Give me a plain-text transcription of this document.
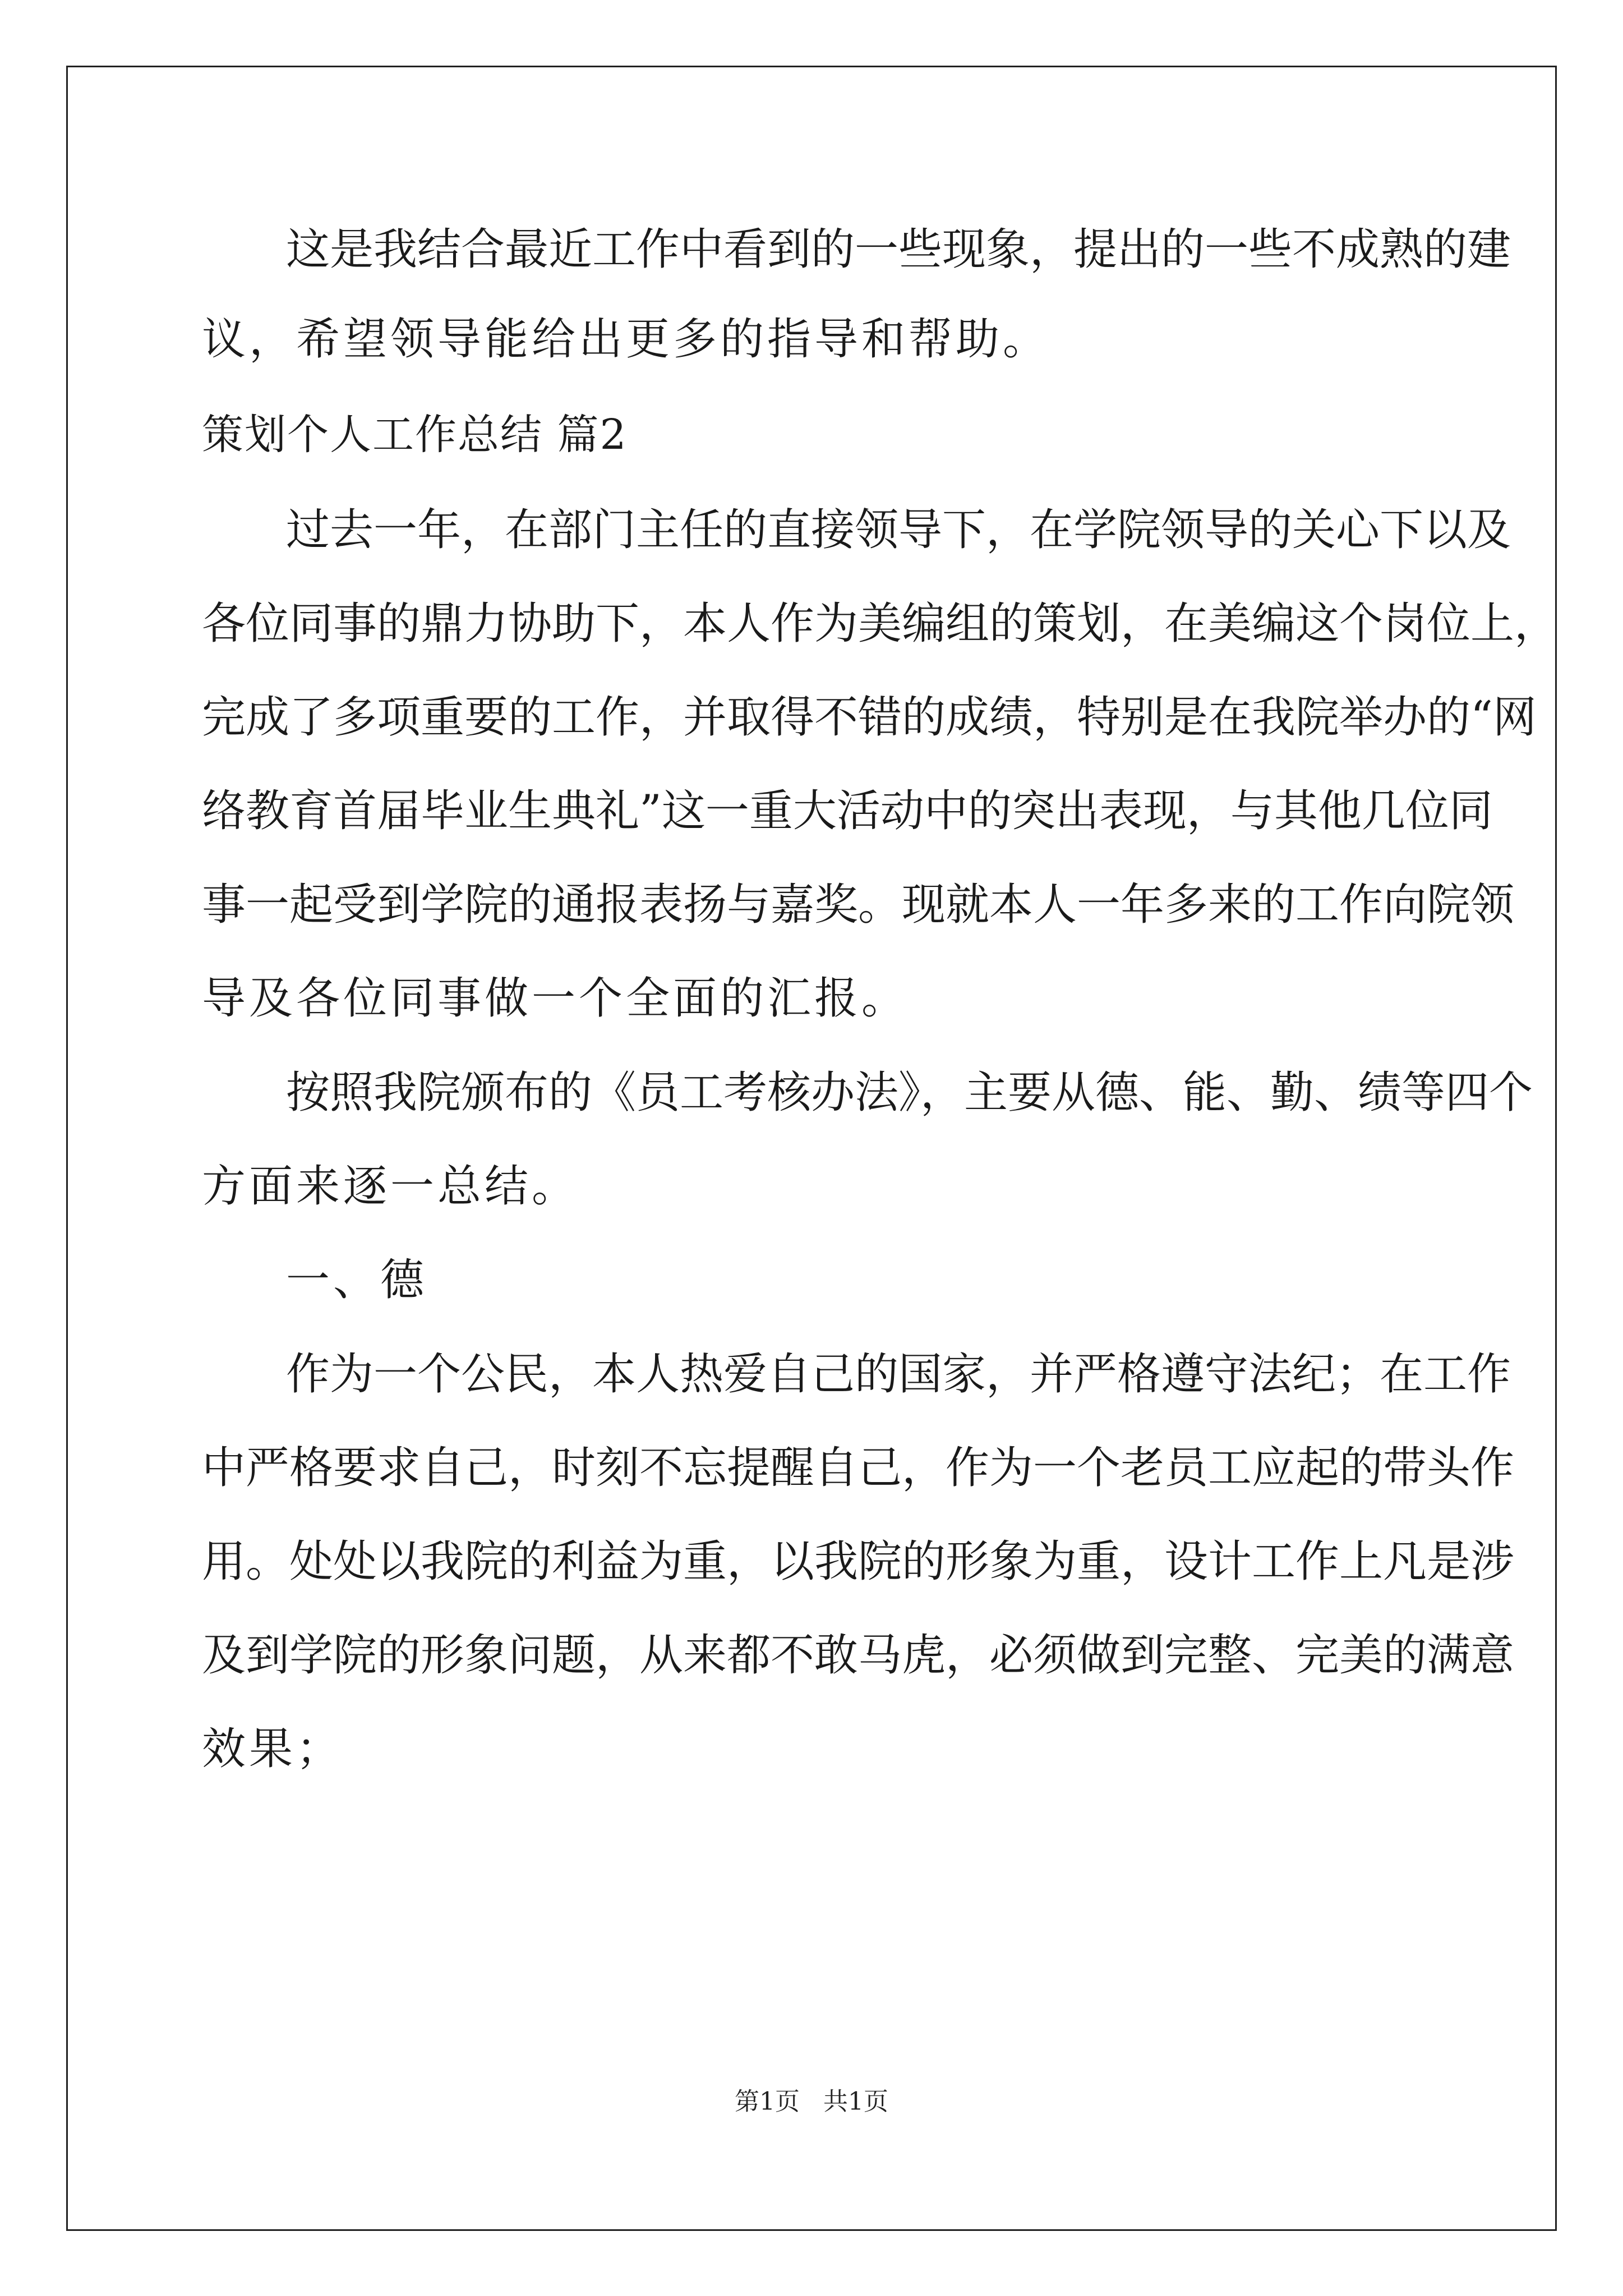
这是我结合最近工作中看到的一些现象，提出的一些不成熟的建
议，希望领导能给出更多的指导和帮助。
策划个人工作总结 篇2
过去一年，在部门主任的直接领导下，在学院领导的关心下以及
各位同事的鼎力协助下，本人作为美编组的策划，在美编这个岗位上，
完成了多项重要的工作，并取得不错的成绩，特别是在我院举办的“网
络教育首届毕业生典礼”这一重大活动中的突出表现，与其他几位同
事一起受到学院的通报表扬与嘉奖。现就本人一年多来的工作向院领
导及各位同事做一个全面的汇报。
按照我院颁布的《员工考核办法》，主要从德、能、勤、绩等四个
方面来逐一总结。
一、德
作为一个公民，本人热爱自己的国家，并严格遵守法纪；在工作
中严格要求自己，时刻不忘提醒自己，作为一个老员工应起的带头作
用。处处以我院的利益为重，以我院的形象为重，设计工作上凡是涉
及到学院的形象问题，从来都不敢马虎，必须做到完整、完美的满意
效果；
第1页 共1页
